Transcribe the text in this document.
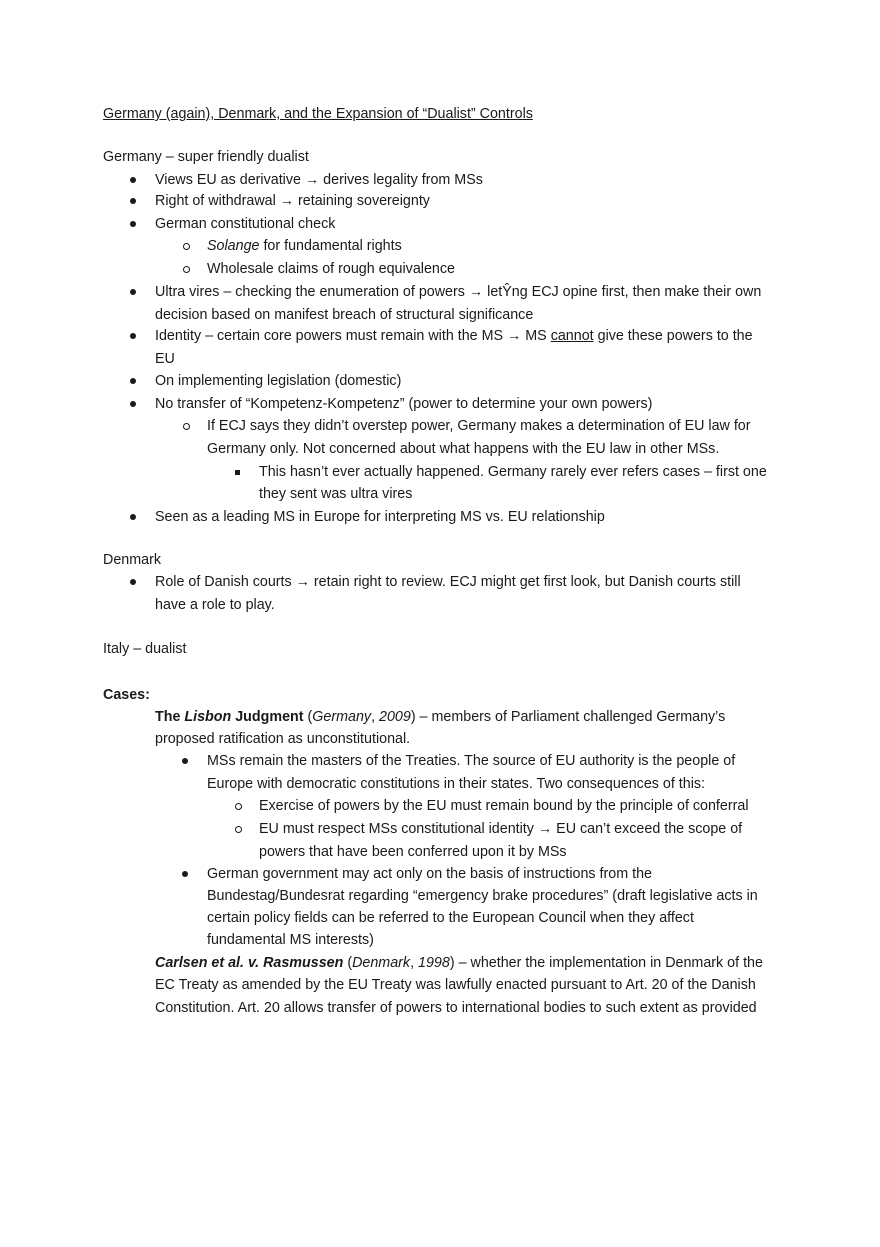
Germany (again), Denmark, and the Expansion of “Dualist” Controls
Germany – super friendly dualist
Views EU as derivative → derives legality from MSs
Right of withdrawal → retaining sovereignty
German constitutional check
Solange for fundamental rights
Wholesale claims of rough equivalence
Ultra vires – checking the enumeration of powers → letŶng ECJ opine first, then make their own
decision based on manifest breach of structural significance
Identity – certain core powers must remain with the MS → MS cannot give these powers to the
EU
On implementing legislation (domestic)
No transfer of “Kompetenz-Kompetenz” (power to determine your own powers)
If ECJ says they didn’t overstep power, Germany makes a determination of EU law for
Germany only. Not concerned about what happens with the EU law in other MSs.
This hasn’t ever actually happened. Germany rarely ever refers cases – first one
they sent was ultra vires
Seen as a leading MS in Europe for interpreting MS vs. EU relationship
Denmark
Role of Danish courts → retain right to review. ECJ might get first look, but Danish courts still
have a role to play.
Italy – dualist
Cases:
The Lisbon Judgment (Germany, 2009) – members of Parliament challenged Germany’s
proposed ratification as unconstitutional.
MSs remain the masters of the Treaties. The source of EU authority is the people of
Europe with democratic constitutions in their states. Two consequences of this:
Exercise of powers by the EU must remain bound by the principle of conferral
EU must respect MSs constitutional identity → EU can’t exceed the scope of
powers that have been conferred upon it by MSs
German government may act only on the basis of instructions from the
Bundestag/Bundesrat regarding “emergency brake procedures” (draft legislative acts in
certain policy fields can be referred to the European Council when they affect
fundamental MS interests)
Carlsen et al. v. Rasmussen (Denmark, 1998) – whether the implementation in Denmark of the
EC Treaty as amended by the EU Treaty was lawfully enacted pursuant to Art. 20 of the Danish
Constitution. Art. 20 allows transfer of powers to international bodies to such extent as provided
